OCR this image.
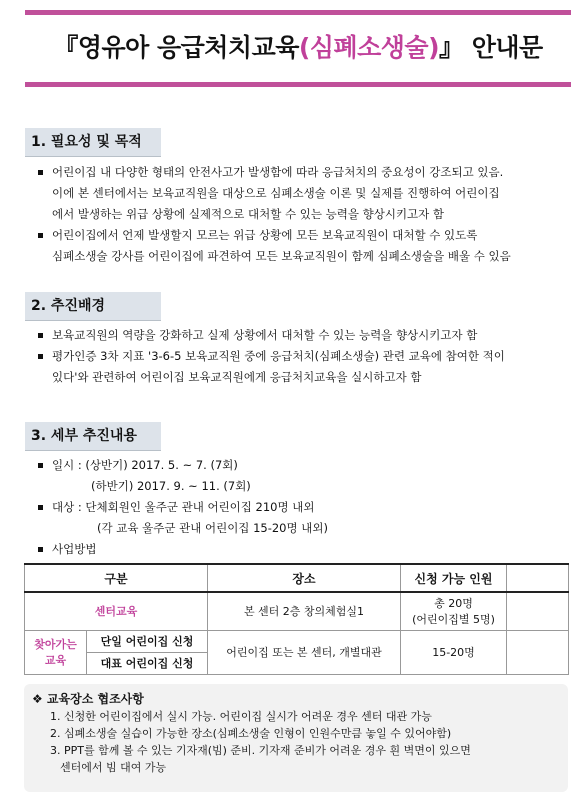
『영유아 응급처치교육(심폐소생술)』 안내문
1. 필요성 및 목적
어린이집 내 다양한 형태의 안전사고가 발생함에 따라 응급처치의 중요성이 강조되고 있음.
이에 본 센터에서는 보육교직원을 대상으로 심폐소생술 이론 및 실제를 진행하여 어린이집
에서 발생하는 위급 상황에 실제적으로 대처할 수 있는 능력을 향상시키고자 함
어린이집에서 언제 발생할지 모르는 위급 상황에 모든 보육교직원이 대처할 수 있도록
심폐소생술 강사를 어린이집에 파견하여 모든 보육교직원이 함께 심폐소생술을 배울 수 있음
2. 추진배경
보육교직원의 역량을 강화하고 실제 상황에서 대처할 수 있는 능력을 향상시키고자 함
평가인증 3차 지표 '3-6-5 보육교직원 중에 응급처치(심폐소생술) 관련 교육에 참여한 적이
있다'와 관련하여 어린이집 보육교직원에게 응급처치교육을 실시하고자 함
3. 세부 추진내용
일시 : (상반기) 2017. 5. ~ 7. (7회)
(하반기) 2017. 9. ~ 11. (7회)
대상 : 단체회원인 울주군 관내 어린이집 210명 내외
(각 교육 울주군 관내 어린이집 15-20명 내외)
사업방법
구분		장소	신청 가능 인원	
센터교육		본 센터 2층 창의체험실1	총 20명
(어린이집별 5명)	

찾아가는
교육	단일 어린이집 신청	어린이집 또는 본 센터, 개별대관	15-20명	
	대표 어린이집 신청			
❖ 교육장소 협조사항
1. 신청한 어린이집에서 실시 가능. 어린이집 실시가 어려운 경우 센터 대관 가능
2. 심폐소생술 실습이 가능한 장소(심폐소생술 인형이 인원수만큼 놓일 수 있어야함)
3. PPT를 함께 볼 수 있는 기자재(빔) 준비. 기자재 준비가 어려운 경우 흰 벽면이 있으면
센터에서 빔 대여 가능
